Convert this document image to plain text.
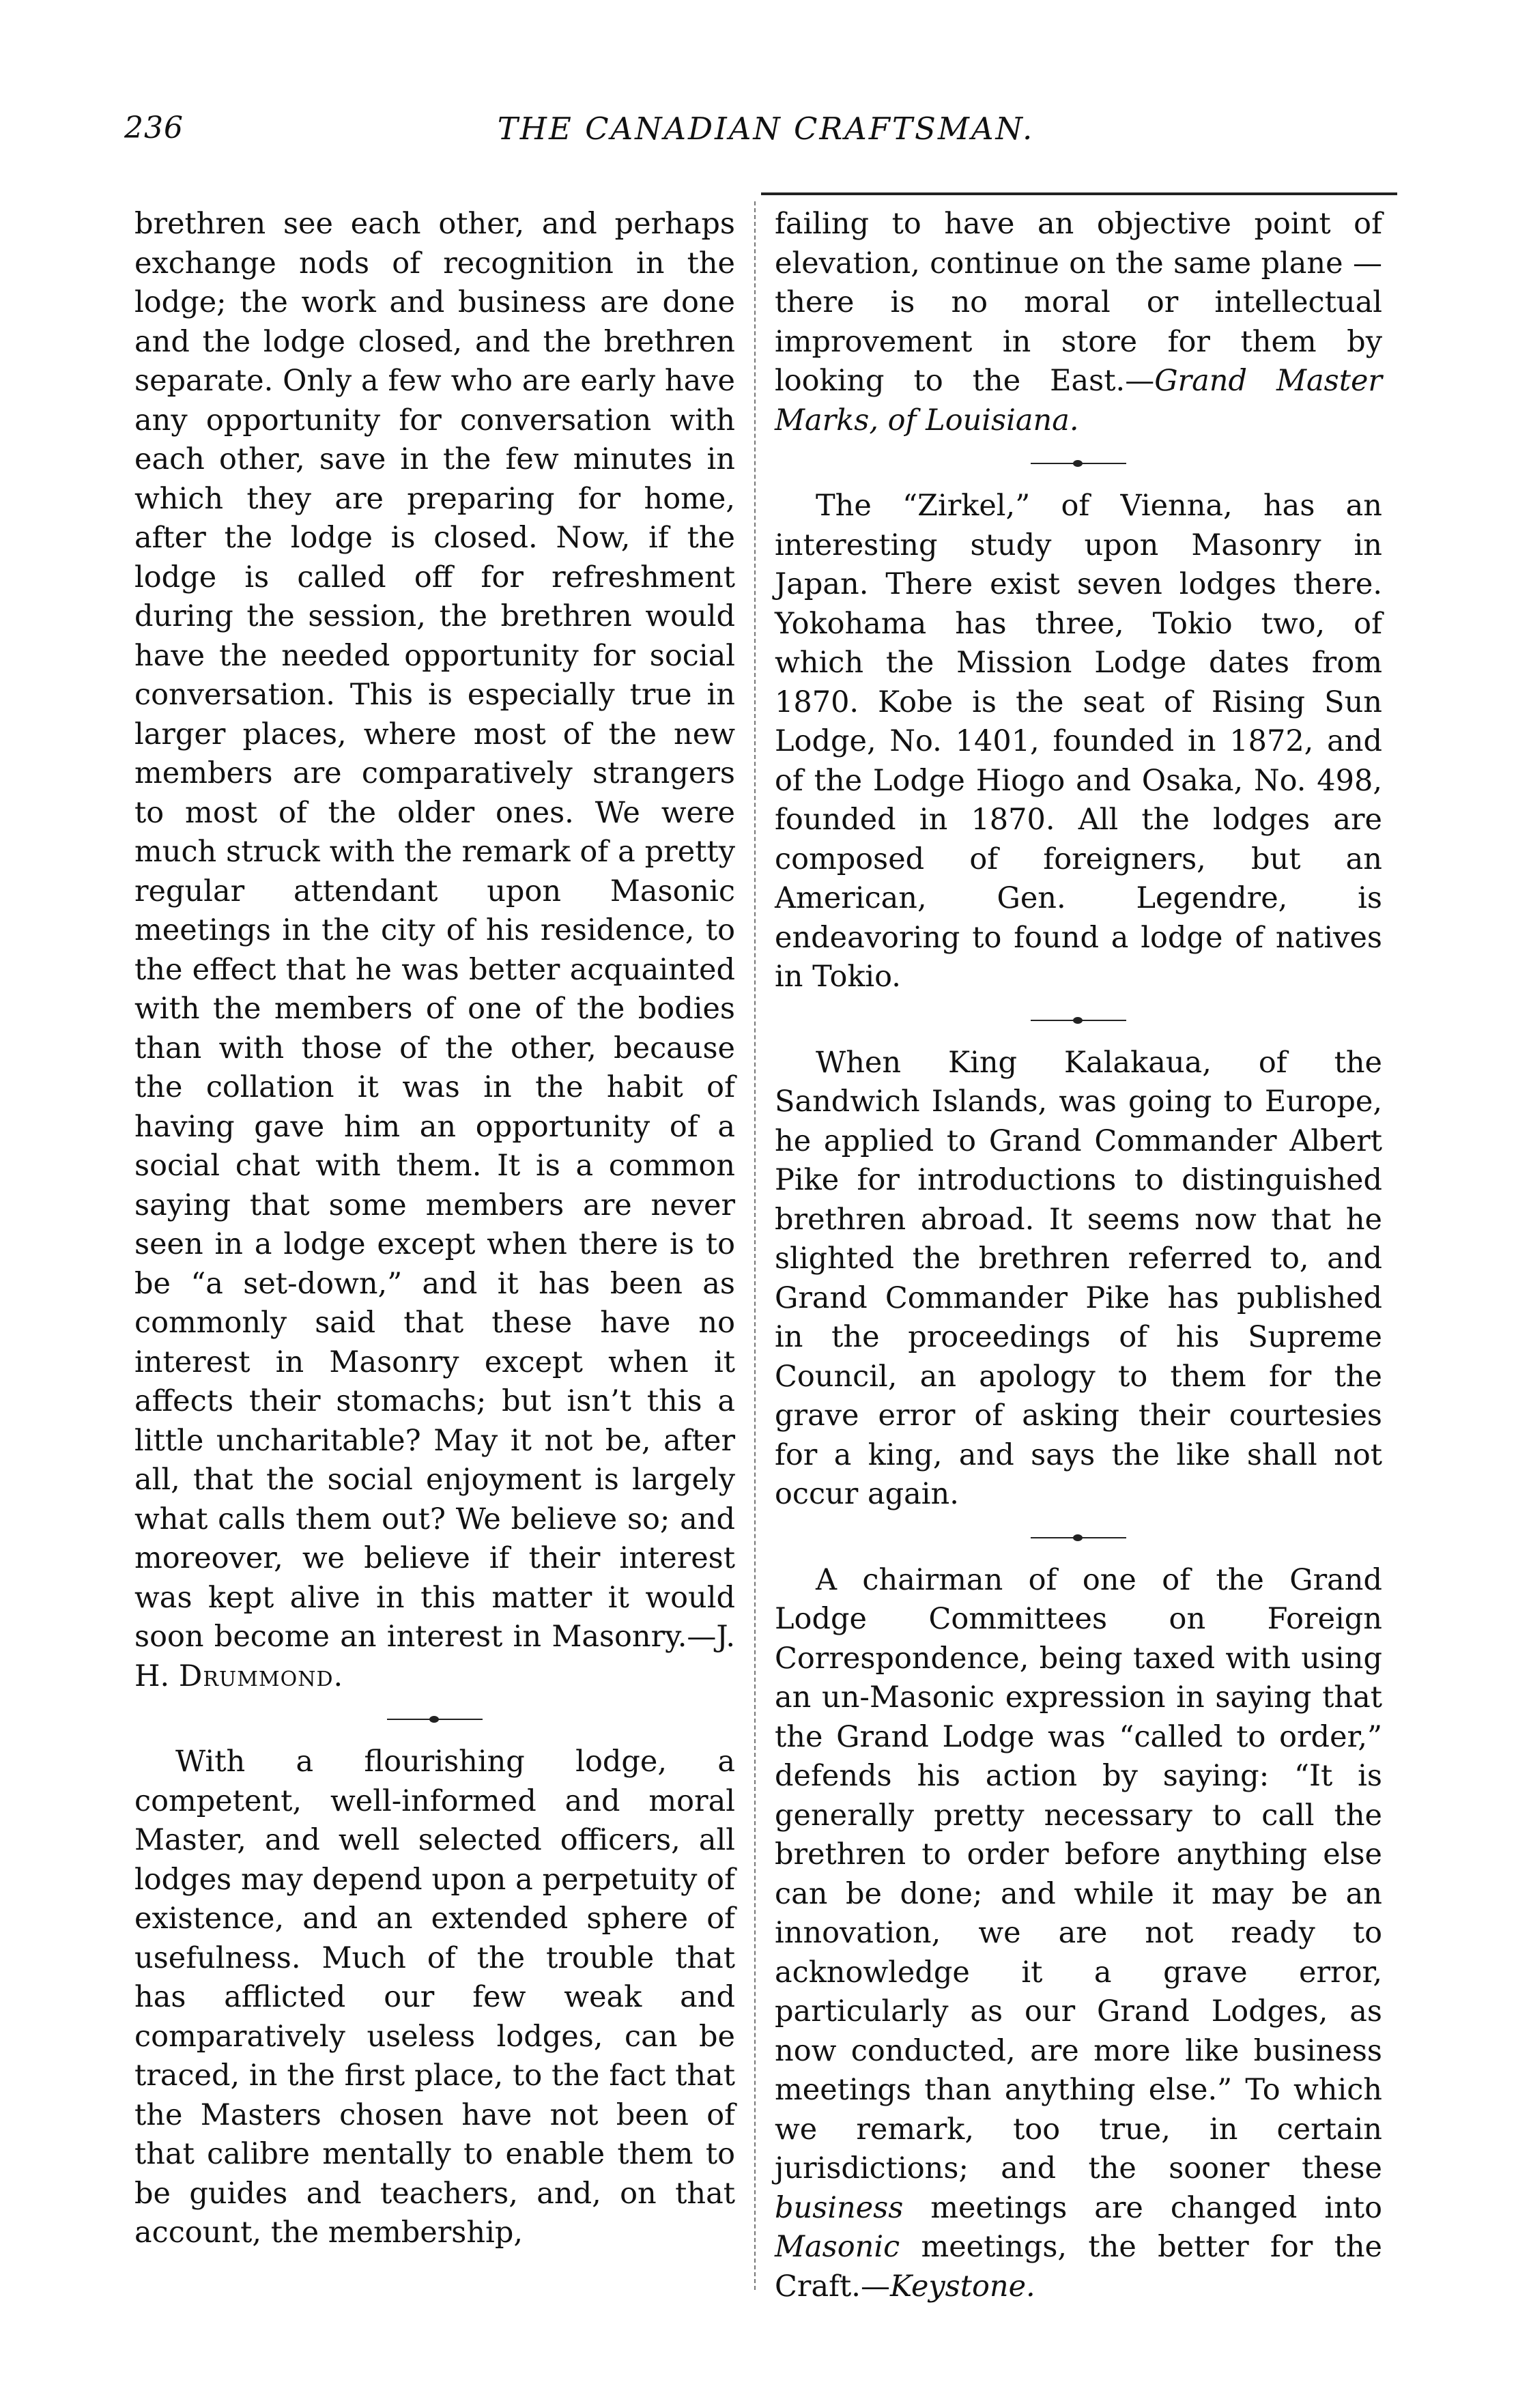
236	THE CANADIAN CRAFTSMAN.

brethren see each other, and perhaps exchange nods of recognition in the lodge; the work and business are done and the lodge closed, and the brethren separate. Only a few who are early have any opportunity for conversation with each other, save in the few minutes in which they are preparing for home, after the lodge is closed. Now, if the lodge is called off for refreshment during the session, the brethren would have the needed opportunity for social conversation. This is especially true in larger places, where most of the new members are comparatively strangers to most of the older ones. We were much struck with the remark of a pretty regular attendant upon Masonic meetings in the city of his residence, to the effect that he was better acquainted with the members of one of the bodies than with those of the other, because the collation it was in the habit of having gave him an opportunity of a social chat with them. It is a common saying that some members are never seen in a lodge except when there is to be “a set-down,” and it has been as commonly said that these have no interest in Masonry except when it affects their stomachs; but isn’t this a little uncharitable? May it not be, after all, that the social enjoyment is largely what calls them out? We believe so; and moreover, we believe if their interest was kept alive in this matter it would soon become an interest in Masonry.—J. H. Drummond.

With a flourishing lodge, a competent, well-informed and moral Master, and well selected officers, all lodges may depend upon a perpetuity of existence, and an extended sphere of usefulness. Much of the trouble that has afflicted our few weak and comparatively useless lodges, can be traced, in the first place, to the fact that the Masters chosen have not been of that calibre mentally to enable them to be guides and teachers, and, on that account, the membership,

failing to have an objective point of elevation, continue on the same plane —there is no moral or intellectual improvement in store for them by looking to the East.—Grand Master Marks, of Louisiana.

The “Zirkel,” of Vienna, has an interesting study upon Masonry in Japan. There exist seven lodges there. Yokohama has three, Tokio two, of which the Mission Lodge dates from 1870. Kobe is the seat of Rising Sun Lodge, No. 1401, founded in 1872, and of the Lodge Hiogo and Osaka, No. 498, founded in 1870. All the lodges are composed of foreigners, but an American, Gen. Legendre, is endeavoring to found a lodge of natives in Tokio.

When King Kalakaua, of the Sandwich Islands, was going to Europe, he applied to Grand Commander Albert Pike for introductions to distinguished brethren abroad. It seems now that he slighted the brethren referred to, and Grand Commander Pike has published in the proceedings of his Supreme Council, an apology to them for the grave error of asking their courtesies for a king, and says the like shall not occur again.

A chairman of one of the Grand Lodge Committees on Foreign Correspondence, being taxed with using an un-Masonic expression in saying that the Grand Lodge was “called to order,” defends his action by saying: “It is generally pretty necessary to call the brethren to order before anything else can be done; and while it may be an innovation, we are not ready to acknowledge it a grave error, particularly as our Grand Lodges, as now conducted, are more like business meetings than anything else.” To which we remark, too true, in certain jurisdictions; and the sooner these business meetings are changed into Masonic meetings, the better for the Craft.—Keystone.
